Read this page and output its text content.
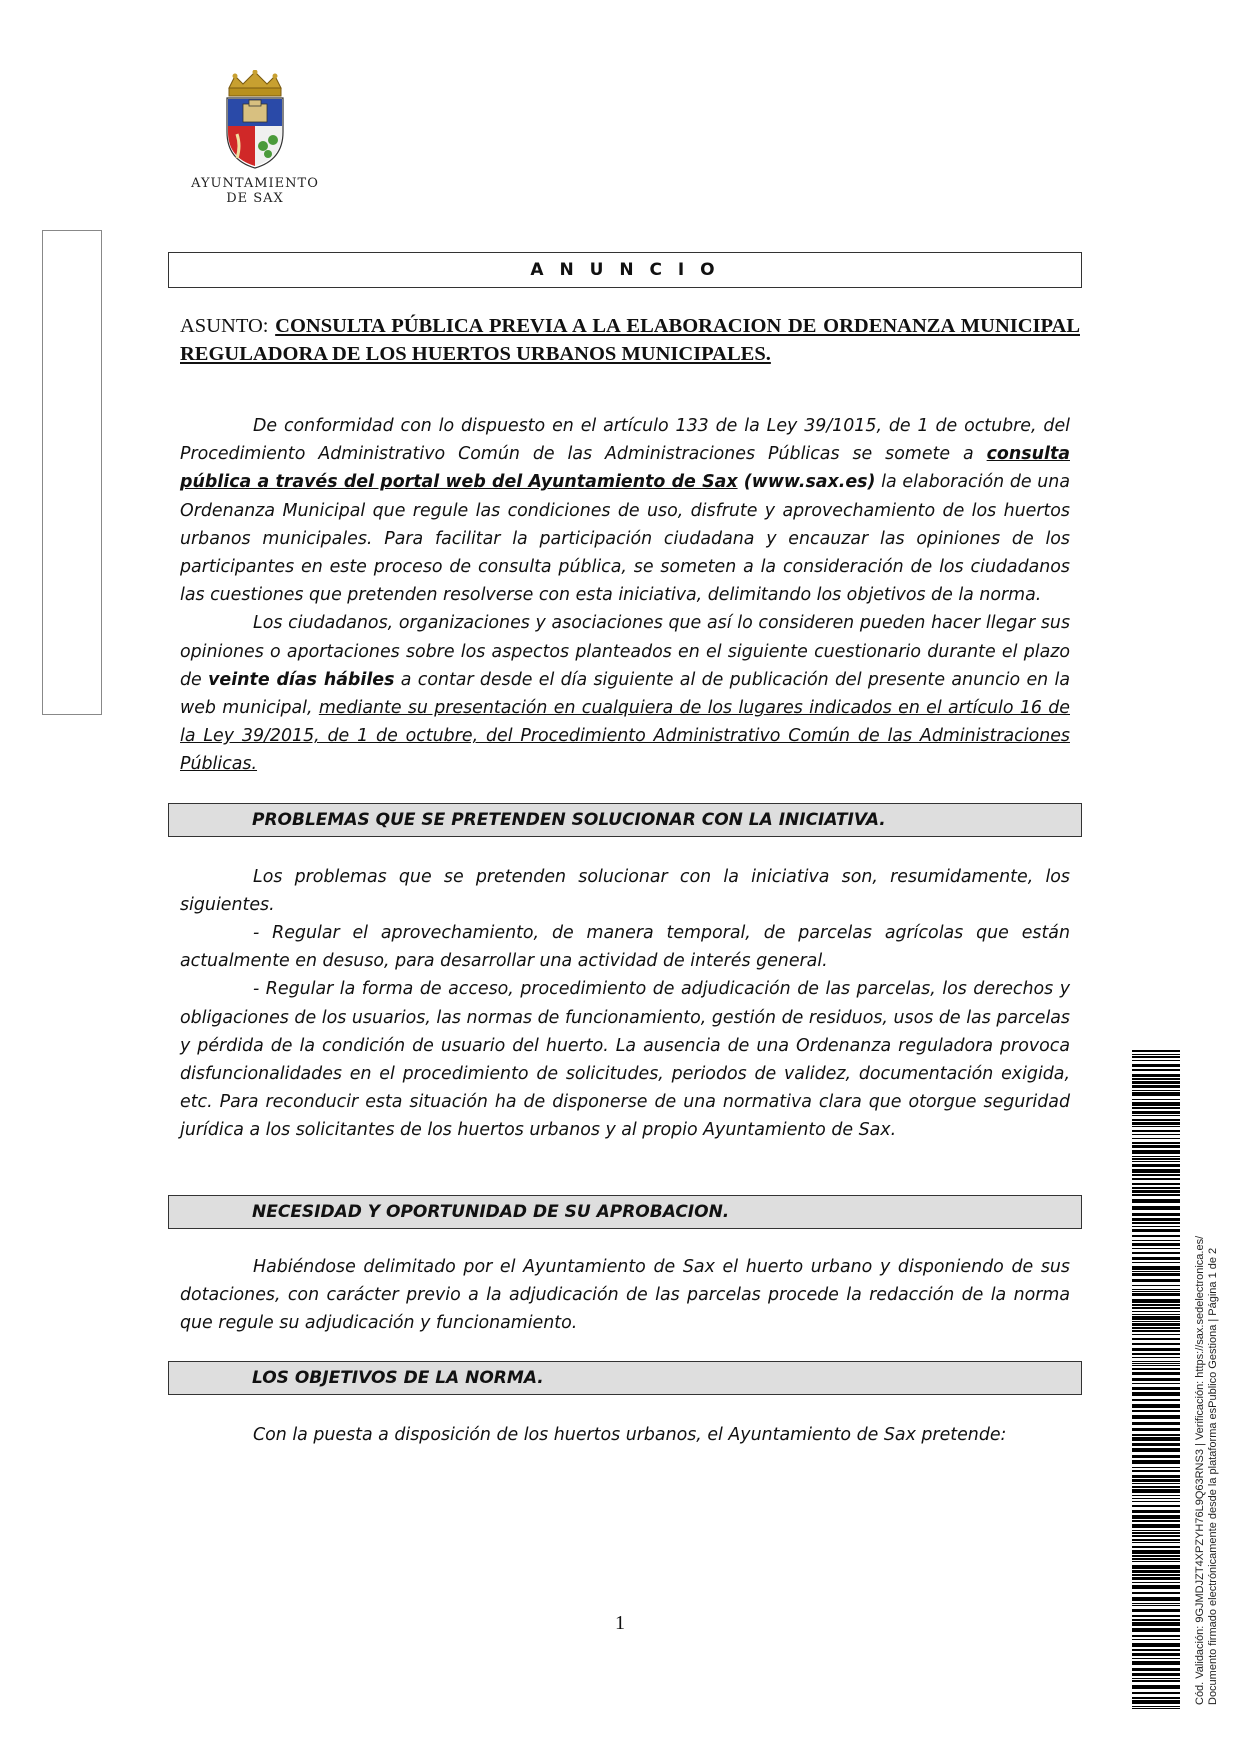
AYUNTAMIENTO
DE SAX
Cód. Validación: 9GJMDJZT4XPZYH76L9Q63RNS3 | Verificación: https://sax.sedelectronica.es/ Documento firmado electrónicamente desde la plataforma esPublico Gestiona | Página 1 de 2
A N U N C I O
ASUNTO: CONSULTA PÚBLICA PREVIA A LA ELABORACION DE ORDENANZA MUNICIPAL REGULADORA DE LOS HUERTOS URBANOS MUNICIPALES.

De conformidad con lo dispuesto en el artículo 133 de la Ley 39/1015, de 1 de octubre, del Procedimiento Administrativo Común de las Administraciones Públicas se somete a consulta pública a través del portal web del Ayuntamiento de Sax (www.sax.es) la elaboración de una Ordenanza Municipal que regule las condiciones de uso, disfrute y aprovechamiento de los huertos urbanos municipales. Para facilitar la participación ciudadana y encauzar las opiniones de los participantes en este proceso de consulta pública, se someten a la consideración de los ciudadanos las cuestiones que pretenden resolverse con esta iniciativa, delimitando los objetivos de la norma.

Los ciudadanos, organizaciones y asociaciones que así lo consideren pueden hacer llegar sus opiniones o aportaciones sobre los aspectos planteados en el siguiente cuestionario durante el plazo de veinte días hábiles a contar desde el día siguiente al de publicación del presente anuncio en la web municipal, mediante su presentación en cualquiera de los lugares indicados en el artículo 16 de la Ley 39/2015, de 1 de octubre, del Procedimiento Administrativo Común de las Administraciones Públicas.

PROBLEMAS QUE SE PRETENDEN SOLUCIONAR CON LA INICIATIVA.

Los problemas que se pretenden solucionar con la iniciativa son, resumidamente, los siguientes.

- Regular el aprovechamiento, de manera temporal, de parcelas agrícolas que están actualmente en desuso, para desarrollar una actividad de interés general.

- Regular la forma de acceso, procedimiento de adjudicación de las parcelas, los derechos y obligaciones de los usuarios, las normas de funcionamiento, gestión de residuos, usos de las parcelas y pérdida de la condición de usuario del huerto. La ausencia de una Ordenanza reguladora provoca disfuncionalidades en el procedimiento de solicitudes, periodos de validez, documentación exigida, etc. Para reconducir esta situación ha de disponerse de una normativa clara que otorgue seguridad jurídica a los solicitantes de los huertos urbanos y al propio Ayuntamiento de Sax.

NECESIDAD Y OPORTUNIDAD DE SU APROBACION.

Habiéndose delimitado por el Ayuntamiento de Sax el huerto urbano y disponiendo de sus dotaciones, con carácter previo a la adjudicación de las parcelas procede la redacción de la norma que regule su adjudicación y funcionamiento.

LOS OBJETIVOS DE LA NORMA.

Con la puesta a disposición de los huertos urbanos, el Ayuntamiento de Sax pretende:

1
